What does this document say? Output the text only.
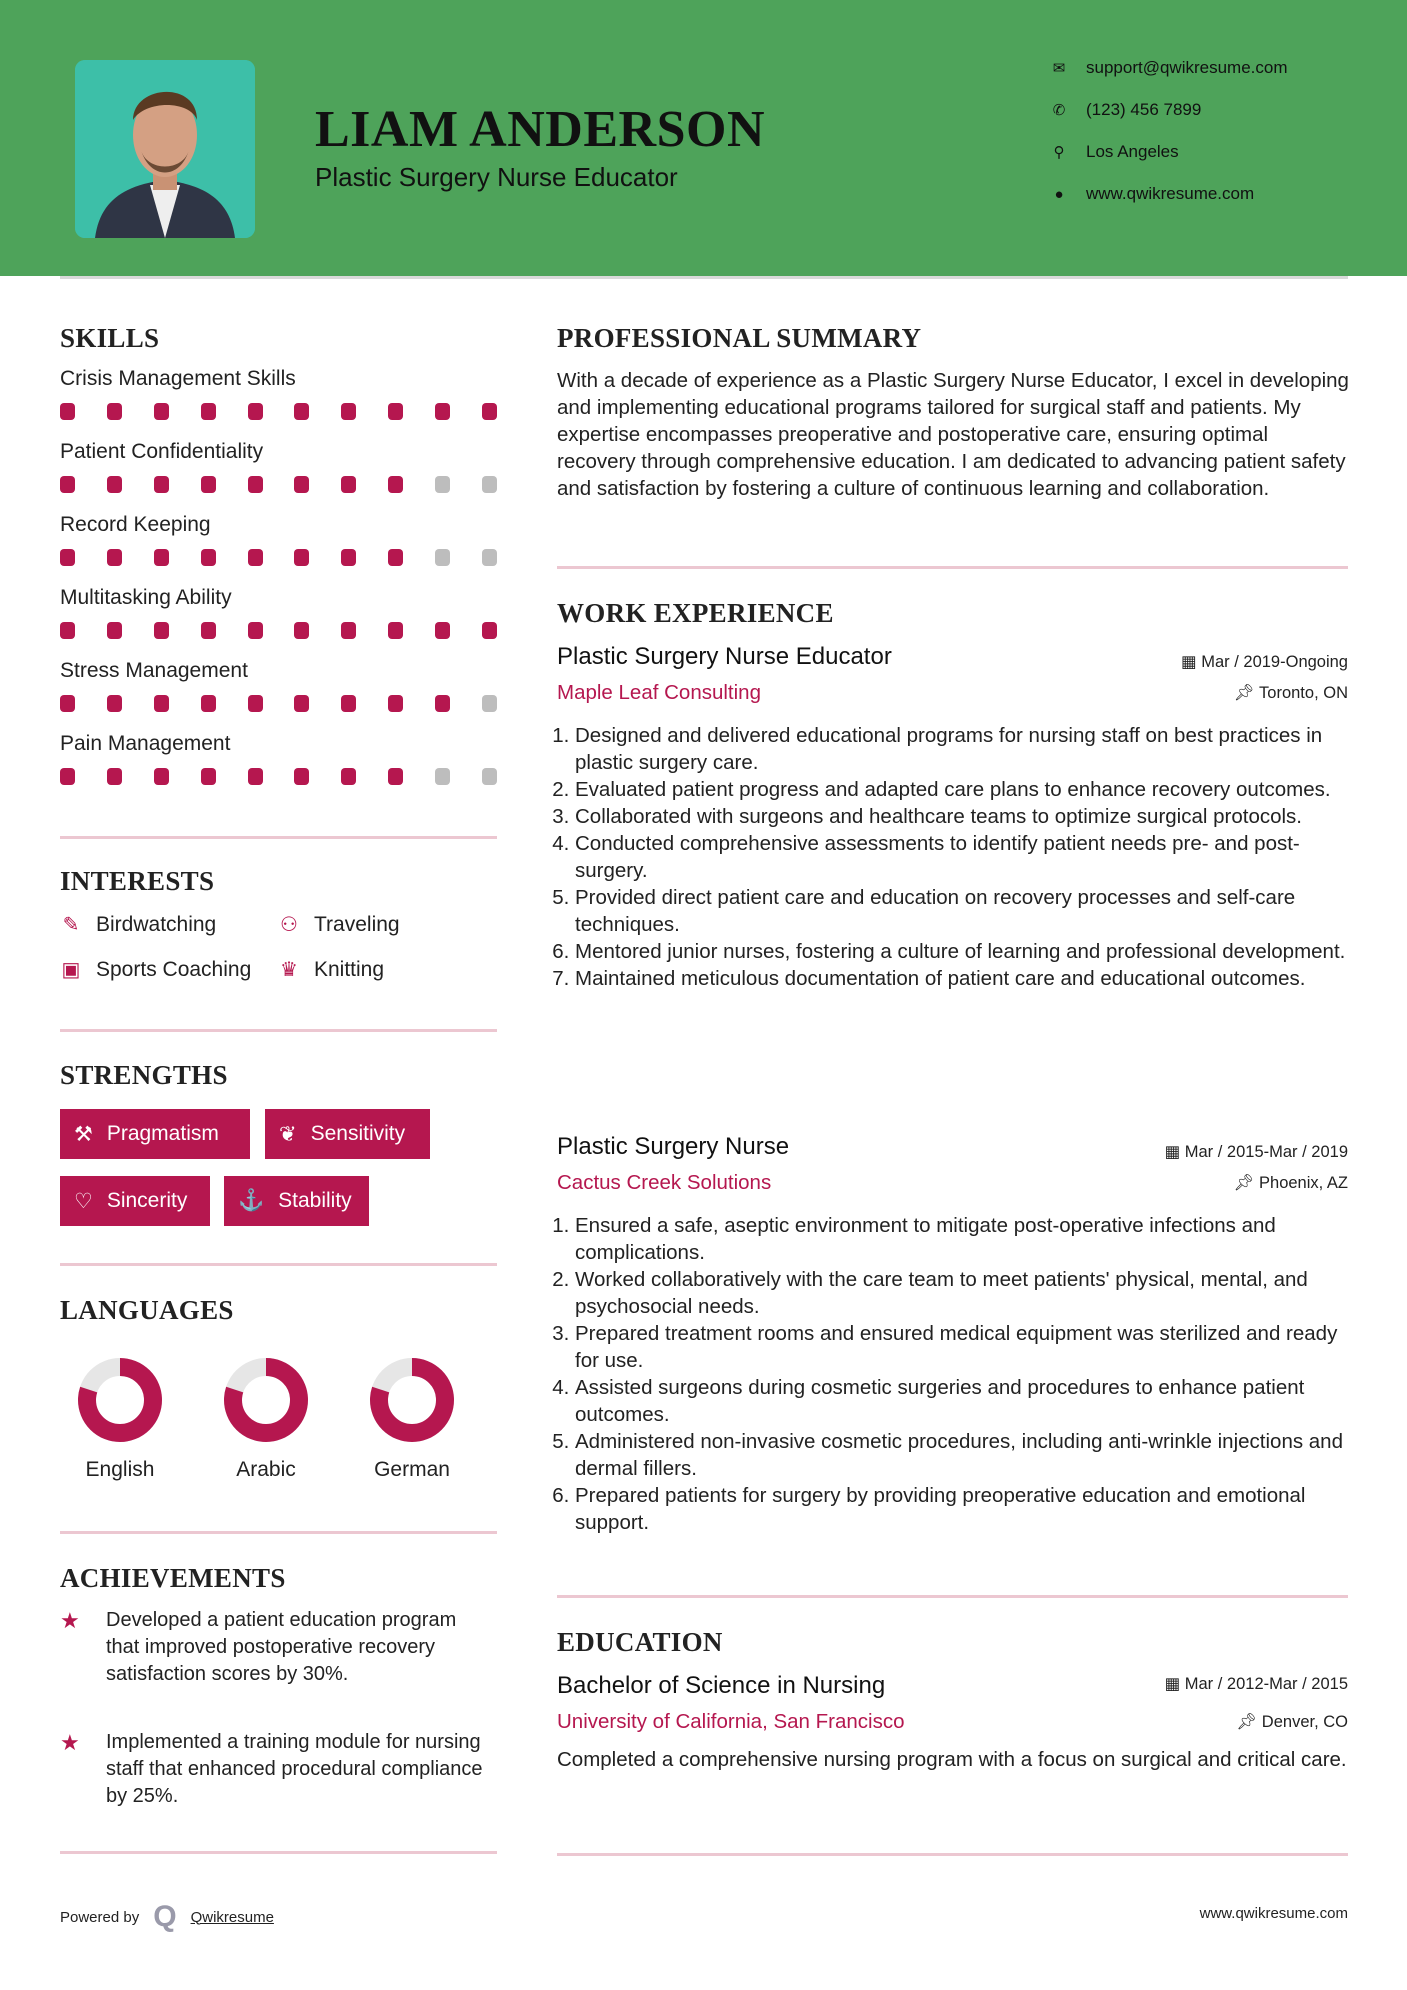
LIAM ANDERSON
Plastic Surgery Nurse Educator
✉ support@qwikresume.com
✆ (123) 456 7899
⚲ Los Angeles
● www.qwikresume.com
SKILLS
Crisis Management Skills
Patient Confidentiality
Record Keeping
Multitasking Ability
Stress Management
Pain Management
INTERESTS
✎ Birdwatching	⚇ Traveling
▣ Sports Coaching ♛ Knitting
STRENGTHS
⚒ Pragmatism	❦ Sensitivity
♡ Sincerity ⚓ Stability
LANGUAGES
English	Arabic	German
ACHIEVEMENTS
★	Developed a patient education program that improved postoperative recovery satisfaction scores by 30%.
★	Implemented a training module for nursing staff that enhanced procedural compliance by 25%.
PROFESSIONAL SUMMARY
With a decade of experience as a Plastic Surgery Nurse Educator, I excel in developing and implementing educational programs tailored for surgical staff and patients. My expertise encompasses preoperative and postoperative care, ensuring optimal recovery through comprehensive education. I am dedicated to advancing patient safety and satisfaction by fostering a culture of continuous learning and collaboration.
WORK EXPERIENCE
Plastic Surgery Nurse Educator	▦ Mar / 2019-Ongoing
Maple Leaf Consulting	📌︎ Toronto, ON
1. Designed and delivered educational programs for nursing staff on best practices in plastic surgery care.
2. Evaluated patient progress and adapted care plans to enhance recovery outcomes.
3. Collaborated with surgeons and healthcare teams to optimize surgical protocols.
4. Conducted comprehensive assessments to identify patient needs pre- and post-surgery.
5. Provided direct patient care and education on recovery processes and self-care techniques.
6. Mentored junior nurses, fostering a culture of learning and professional development.
7. Maintained meticulous documentation of patient care and educational outcomes.
Plastic Surgery Nurse	▦ Mar / 2015-Mar / 2019
Cactus Creek Solutions	📌︎ Phoenix, AZ
1. Ensured a safe, aseptic environment to mitigate post-operative infections and complications.
2. Worked collaboratively with the care team to meet patients' physical, mental, and psychosocial needs.
3. Prepared treatment rooms and ensured medical equipment was sterilized and ready for use.
4. Assisted surgeons during cosmetic surgeries and procedures to enhance patient outcomes.
5. Administered non-invasive cosmetic procedures, including anti-wrinkle injections and dermal fillers.
6. Prepared patients for surgery by providing preoperative education and emotional support.
EDUCATION
Bachelor of Science in Nursing	▦ Mar / 2012-Mar / 2015
University of California, San Francisco	📌︎ Denver, CO
Completed a comprehensive nursing program with a focus on surgical and critical care.
Powered by Q Qwikresume	www.qwikresume.com
